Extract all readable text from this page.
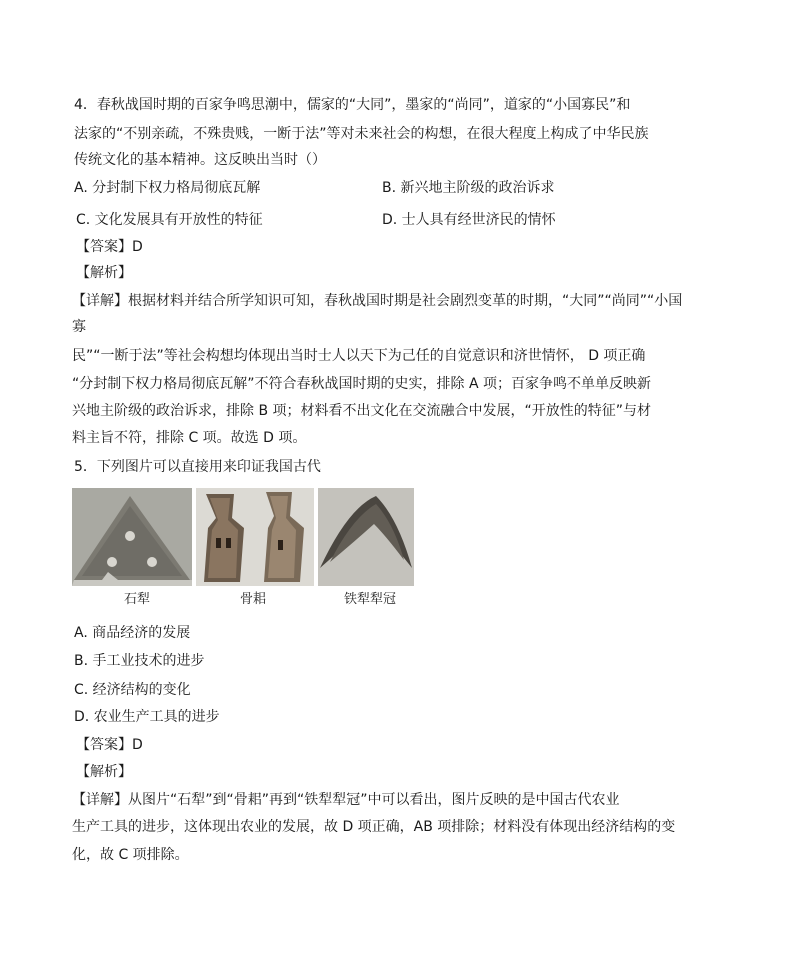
4．春秋战国时期的百家争鸣思潮中，儒家的“大同”，墨家的“尚同”，道家的“小国寡民”和
法家的“不别亲疏，不殊贵贱，一断于法”等对未来社会的构想，在很大程度上构成了中华民族
传统文化的基本精神。这反映出当时（）
A. 分封制下权力格局彻底瓦解	B. 新兴地主阶级的政治诉求
C. 文化发展具有开放性的特征	D. 士人具有经世济民的情怀
【答案】D
【解析】
【详解】根据材料并结合所学知识可知，春秋战国时期是社会剧烈变革的时期，“大同”“尚同”“小国
寡
民”“一断于法”等社会构想均体现出当时士人以天下为己任的自觉意识和济世情怀， D 项正确
“分封制下权力格局彻底瓦解”不符合春秋战国时期的史实，排除 A 项；百家争鸣不单单反映新
兴地主阶级的政治诉求，排除 B 项；材料看不出文化在交流融合中发展，“开放性的特征”与材
料主旨不符，排除 C 项。故选 D 项。
5．下列图片可以直接用来印证我国古代
石犁	骨耜	铁犁犁冠
A. 商品经济的发展
B. 手工业技术的进步
C. 经济结构的变化
D. 农业生产工具的进步
【答案】D
【解析】
【详解】从图片“石犁”到“骨耜”再到“铁犁犁冠”中可以看出，图片反映的是中国古代农业
生产工具的进步，这体现出农业的发展，故 D 项正确，AB 项排除；材料没有体现出经济结构的变
化，故 C 项排除。
